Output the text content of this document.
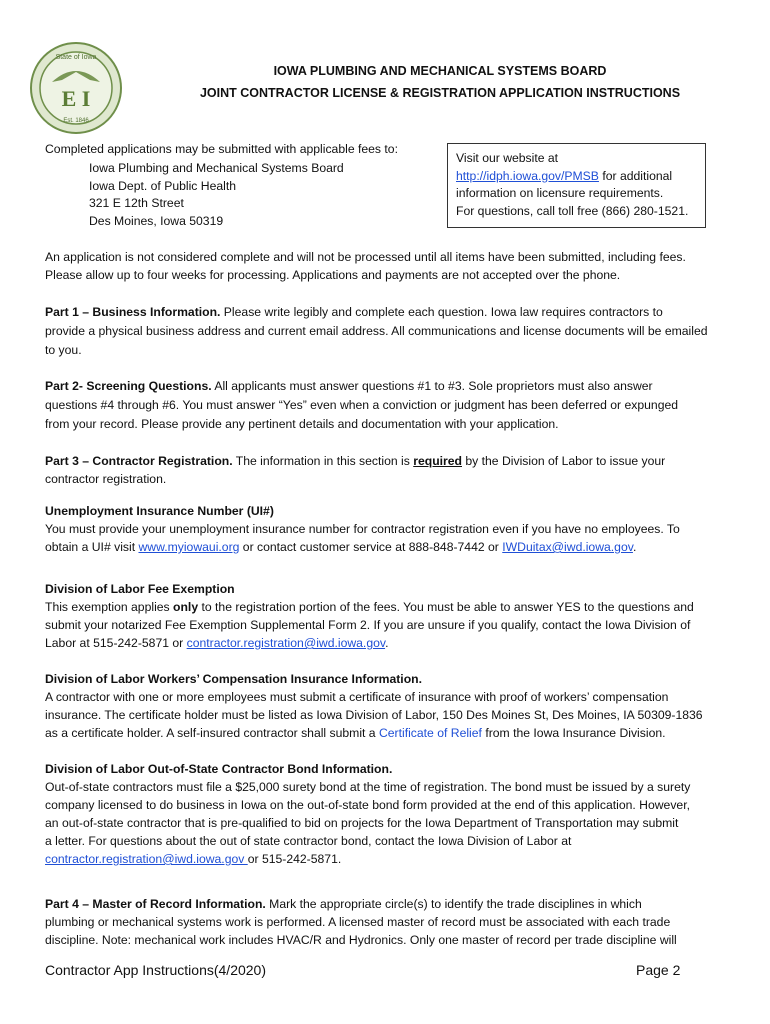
State of Iowa
E I
Est. 1846
IOWA PLUMBING AND MECHANICAL SYSTEMS BOARD
JOINT CONTRACTOR LICENSE & REGISTRATION APPLICATION INSTRUCTIONS
Completed applications may be submitted with applicable fees to:
Iowa Plumbing and Mechanical Systems Board
Iowa Dept. of Public Health
321 E 12th Street
Des Moines, Iowa 50319
Visit our website at
http://idph.iowa.gov/PMSB for additional
information on licensure requirements.
For questions, call toll free (866) 280-1521.
An application is not considered complete and will not be processed until all items have been submitted, including fees.
Please allow up to four weeks for processing. Applications and payments are not accepted over the phone.
Part 1 – Business Information. Please write legibly and complete each question. Iowa law requires contractors to
provide a physical business address and current email address. All communications and license documents will be emailed
to you.
Part 2- Screening Questions. All applicants must answer questions #1 to #3. Sole proprietors must also answer
questions #4 through #6. You must answer “Yes” even when a conviction or judgment has been deferred or expunged
from your record. Please provide any pertinent details and documentation with your application.
Part 3 – Contractor Registration. The information in this section is required by the Division of Labor to issue your
contractor registration.
Unemployment Insurance Number (UI#)
You must provide your unemployment insurance number for contractor registration even if you have no employees. To
obtain a UI# visit www.myiowaui.org or contact customer service at 888-848-7442 or IWDuitax@iwd.iowa.gov.
Division of Labor Fee Exemption
This exemption applies only to the registration portion of the fees. You must be able to answer YES to the questions and
submit your notarized Fee Exemption Supplemental Form 2. If you are unsure if you qualify, contact the Iowa Division of
Labor at 515-242-5871 or contractor.registration@iwd.iowa.gov.
Division of Labor Workers’ Compensation Insurance Information.
A contractor with one or more employees must submit a certificate of insurance with proof of workers’ compensation
insurance. The certificate holder must be listed as Iowa Division of Labor, 150 Des Moines St, Des Moines, IA 50309-1836
as a certificate holder. A self-insured contractor shall submit a Certificate of Relief from the Iowa Insurance Division.
Division of Labor Out-of-State Contractor Bond Information.
Out-of-state contractors must file a $25,000 surety bond at the time of registration. The bond must be issued by a surety
company licensed to do business in Iowa on the out-of-state bond form provided at the end of this application. However,
an out-of-state contractor that is pre-qualified to bid on projects for the Iowa Department of Transportation may submit
a letter. For questions about the out of state contractor bond, contact the Iowa Division of Labor at
contractor.registration@iwd.iowa.gov or 515-242-5871.
Part 4 – Master of Record Information. Mark the appropriate circle(s) to identify the trade disciplines in which
plumbing or mechanical systems work is performed. A licensed master of record must be associated with each trade
discipline. Note: mechanical work includes HVAC/R and Hydronics. Only one master of record per trade discipline will
Contractor App Instructions(4/2020)	Page 2
